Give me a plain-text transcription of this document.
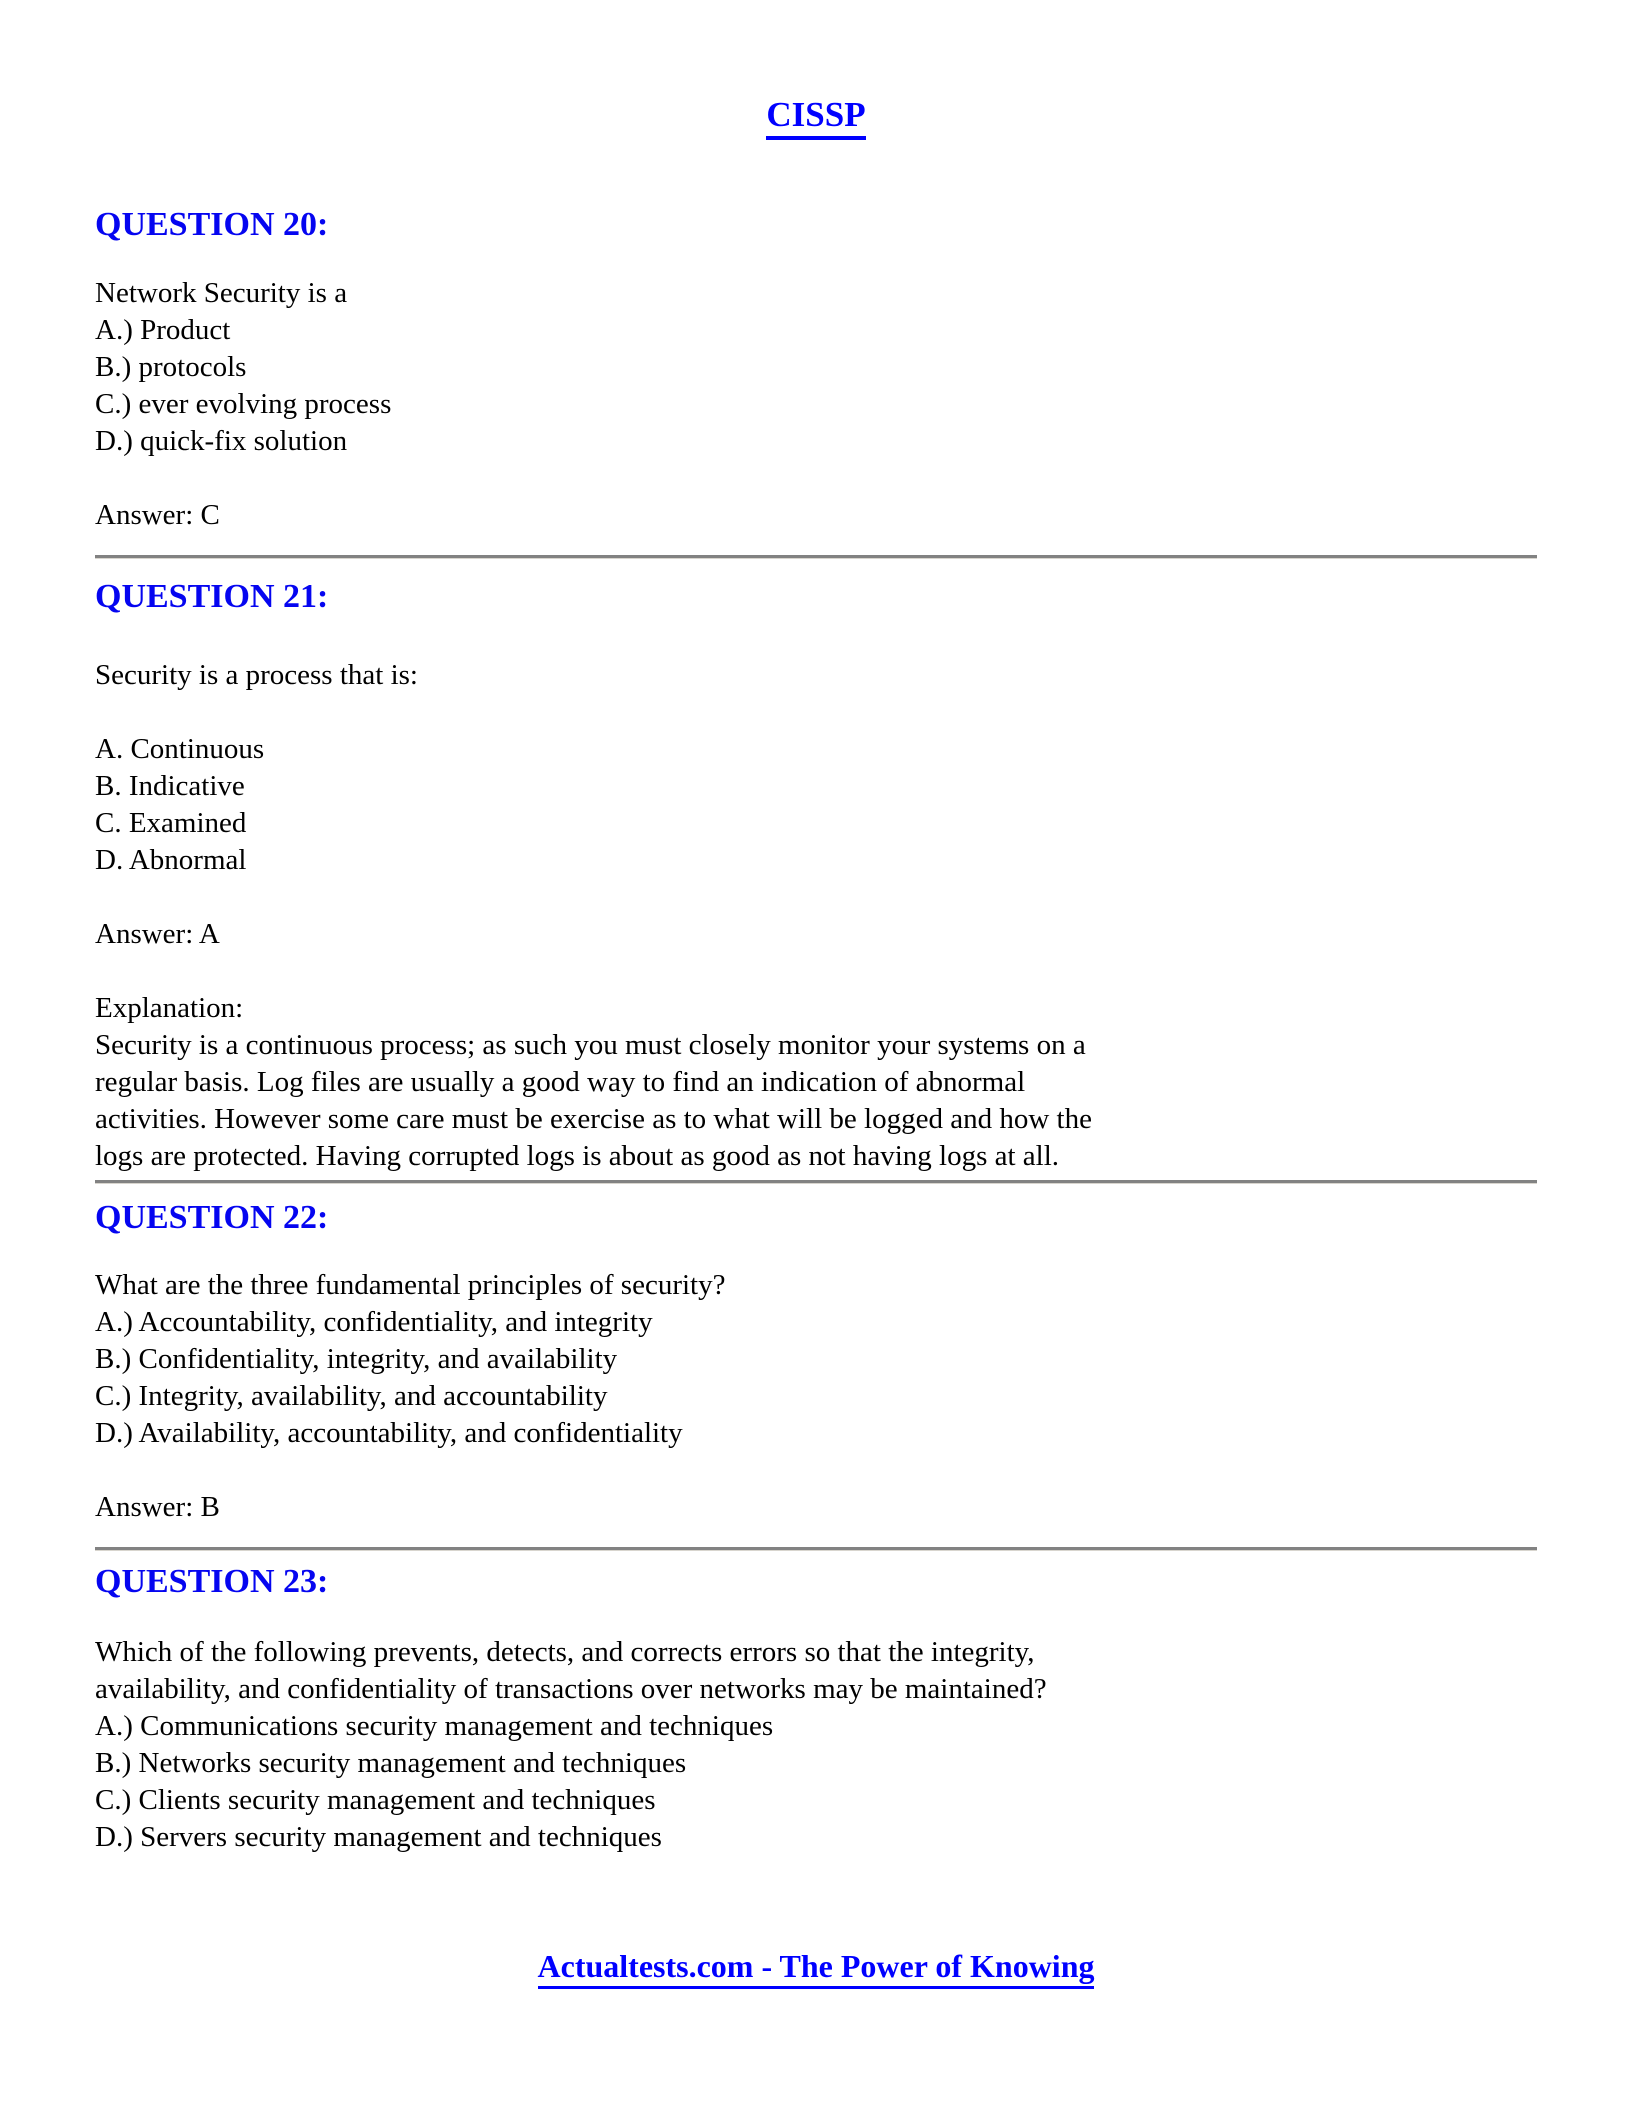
CISSP
QUESTION 20:
Network Security is a
A.) Product
B.) protocols
C.) ever evolving process
D.) quick-fix solution
Answer: C
QUESTION 21:
Security is a process that is:
A. Continuous
B. Indicative
C. Examined
D. Abnormal
Answer: A
Explanation:
Security is a continuous process; as such you must closely monitor your systems on a
regular basis. Log files are usually a good way to find an indication of abnormal
activities. However some care must be exercise as to what will be logged and how the
logs are protected. Having corrupted logs is about as good as not having logs at all.
QUESTION 22:
What are the three fundamental principles of security?
A.) Accountability, confidentiality, and integrity
B.) Confidentiality, integrity, and availability
C.) Integrity, availability, and accountability
D.) Availability, accountability, and confidentiality
Answer: B
QUESTION 23:
Which of the following prevents, detects, and corrects errors so that the integrity,
availability, and confidentiality of transactions over networks may be maintained?
A.) Communications security management and techniques
B.) Networks security management and techniques
C.) Clients security management and techniques
D.) Servers security management and techniques
Actualtests.com - The Power of Knowing
